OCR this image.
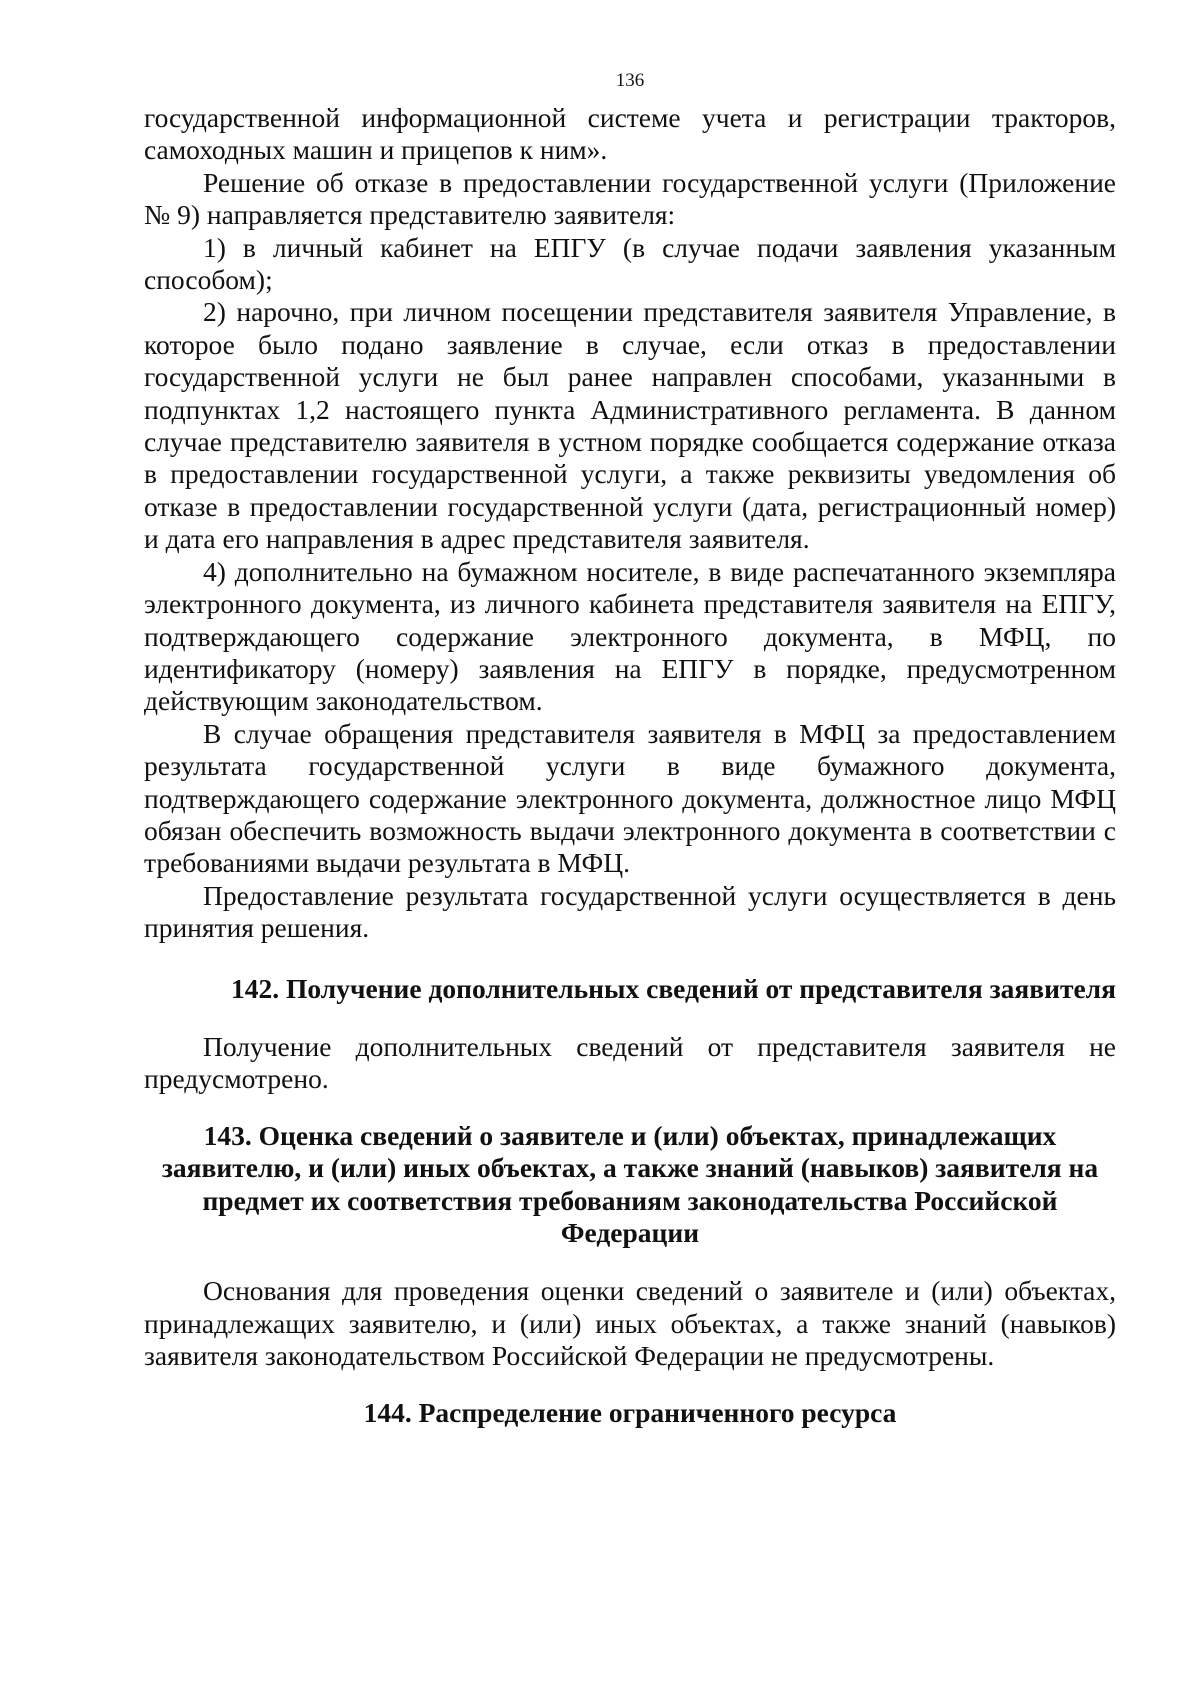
136

государственной информационной системе учета и регистрации тракторов, самоходных машин и прицепов к ним».

Решение об отказе в предоставлении государственной услуги (Приложение № 9) направляется представителю заявителя:

1) в личный кабинет на ЕПГУ (в случае подачи заявления указанным способом);

2) нарочно, при личном посещении представителя заявителя Управление, в которое было подано заявление в случае, если отказ в предоставлении государственной услуги не был ранее направлен способами, указанными в подпунктах 1,2 настоящего пункта Административного регламента. В данном случае представителю заявителя в устном порядке сообщается содержание отказа в предоставлении государственной услуги, а также реквизиты уведомления об отказе в предоставлении государственной услуги (дата, регистрационный номер) и дата его направления в адрес представителя заявителя.

4) дополнительно на бумажном носителе, в виде распечатанного экземпляра электронного документа, из личного кабинета представителя заявителя на ЕПГУ, подтверждающего содержание электронного документа, в МФЦ, по идентификатору (номеру) заявления на ЕПГУ в порядке, предусмотренном действующим законодательством.

В случае обращения представителя заявителя в МФЦ за предоставлением результата государственной услуги в виде бумажного документа, подтверждающего содержание электронного документа, должностное лицо МФЦ обязан обеспечить возможность выдачи электронного документа в соответствии с требованиями выдачи результата в МФЦ.

Предоставление результата государственной услуги осуществляется в день принятия решения.

142. Получение дополнительных сведений от представителя заявителя

Получение дополнительных сведений от представителя заявителя не предусмотрено.

143. Оценка сведений о заявителе и (или) объектах, принадлежащих заявителю, и (или) иных объектах, а также знаний (навыков) заявителя на предмет их соответствия требованиям законодательства Российской Федерации

Основания для проведения оценки сведений о заявителе и (или) объектах, принадлежащих заявителю, и (или) иных объектах, а также знаний (навыков) заявителя законодательством Российской Федерации не предусмотрены.

144. Распределение ограниченного ресурса
